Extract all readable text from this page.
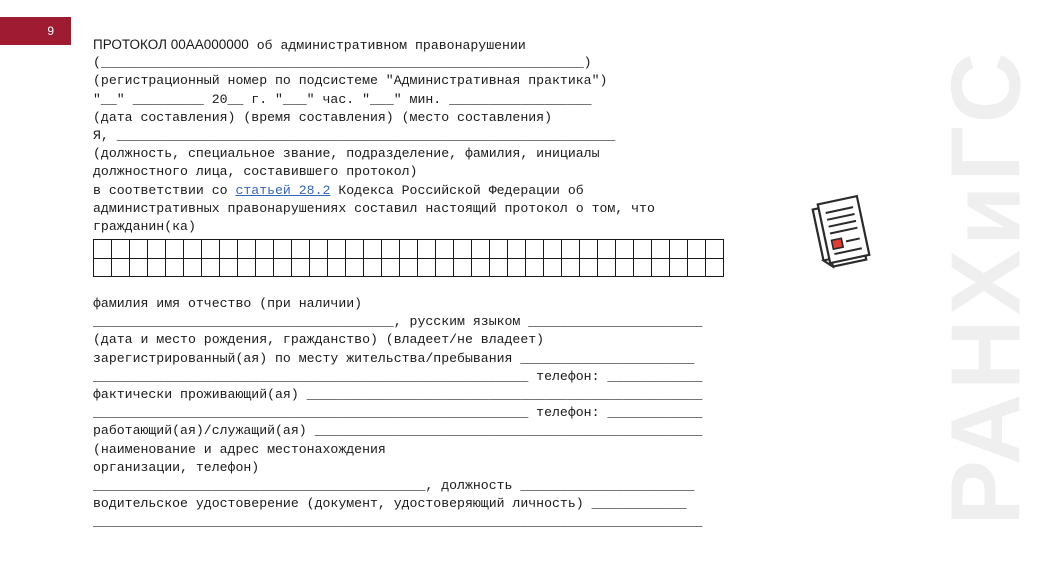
9
РАНХиГС
ПРОТОКОЛ 00АА000000 об административном правонарушении
(_____________________________________________________________)
(регистрационный номер по подсистеме "Административная практика")
"__" _________ 20__ г. "___" час. "___" мин. __________________
(дата составления) (время составления) (место составления)
Я, _______________________________________________________________
(должность, специальное звание, подразделение, фамилия, инициалы
должностного лица, составившего протокол)
в соответствии со статьей 28.2 Кодекса Российской Федерации об
административных правонарушениях составил настоящий протокол о том, что
гражданин(ка)
фамилия имя отчество (при наличии)
______________________________________, русским языком ______________________
(дата и место рождения, гражданство) (владеет/не владеет)
зарегистрированный(ая) по месту жительства/пребывания ______________________
_______________________________________________________ телефон: ____________
фактически проживающий(ая) __________________________________________________
_______________________________________________________ телефон: ____________
работающий(ая)/служащий(ая) _________________________________________________
(наименование и адрес местонахождения
организации, телефон)
__________________________________________, должность ______________________
водительское удостоверение (документ, удостоверяющий личность) ____________
_____________________________________________________________________________
